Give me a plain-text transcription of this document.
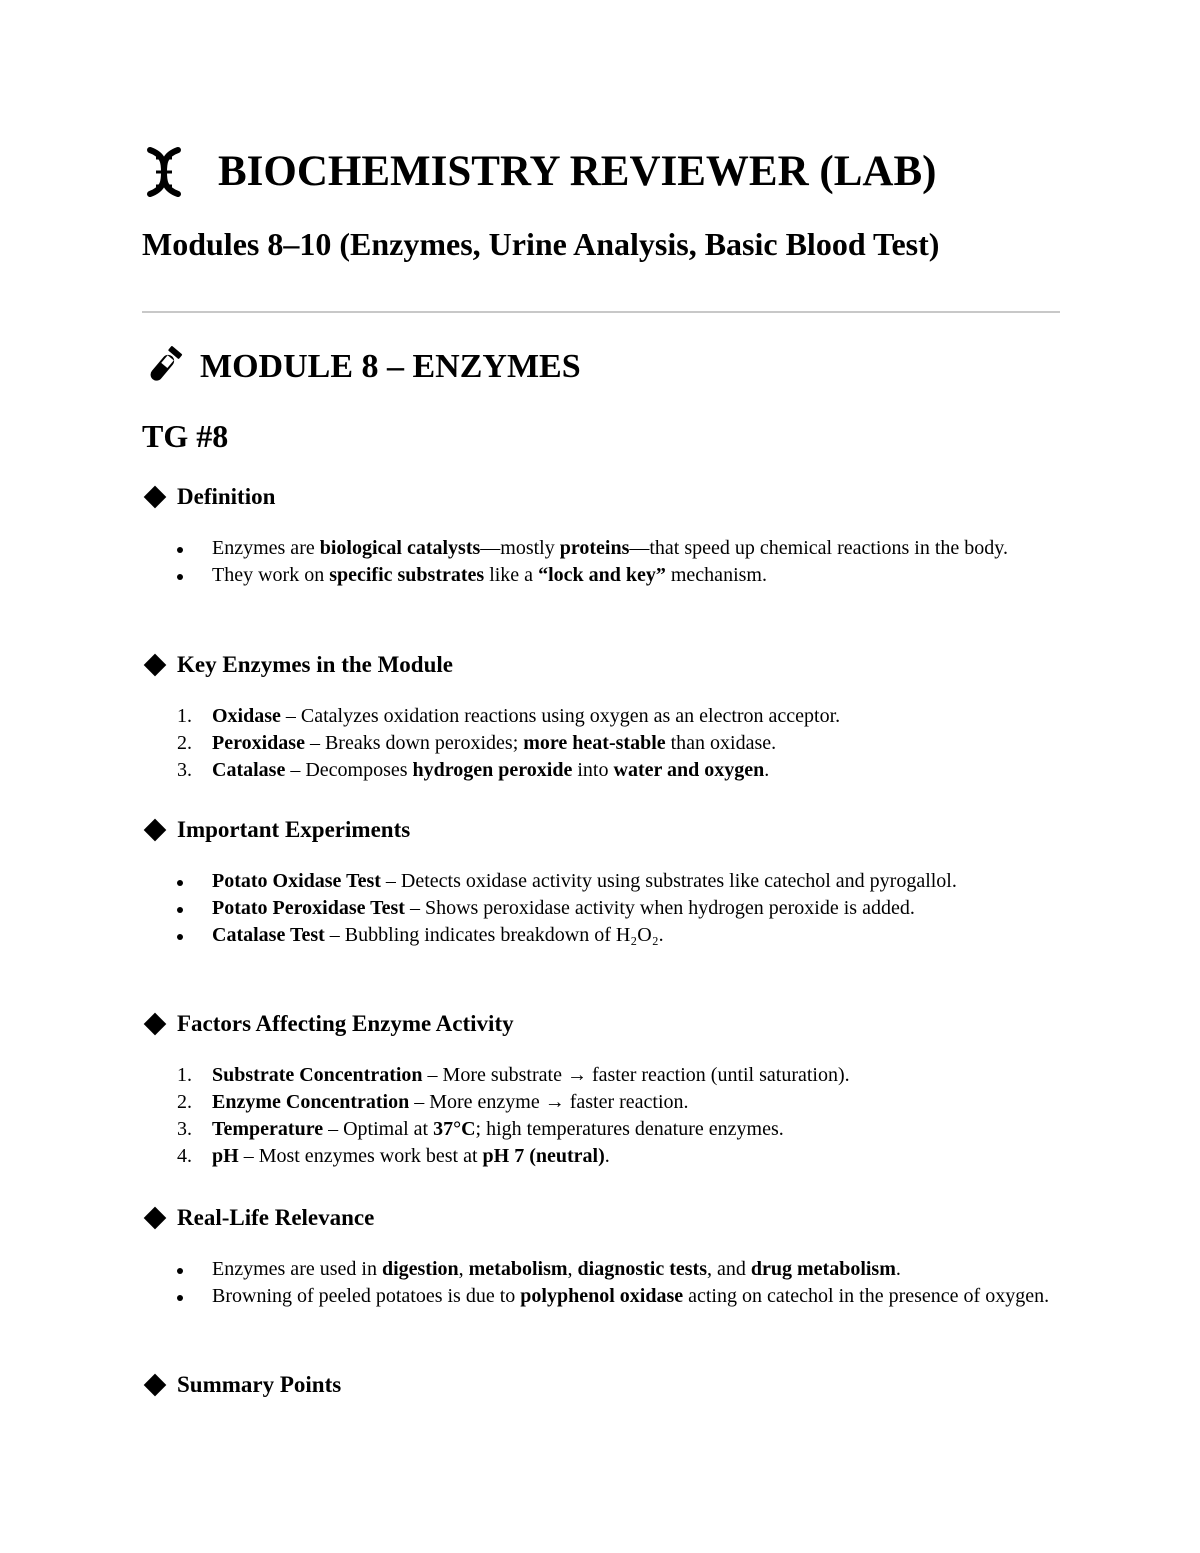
BIOCHEMISTRY REVIEWER (LAB)
Modules 8–10 (Enzymes, Urine Analysis, Basic Blood Test)
MODULE 8 – ENZYMES
TG #8
Definition
Enzymes are biological catalysts—mostly proteins—that speed up chemical reactions in the body.
They work on specific substrates like a “lock and key” mechanism.
Key Enzymes in the Module
1. Oxidase – Catalyzes oxidation reactions using oxygen as an electron acceptor.
2. Peroxidase – Breaks down peroxides; more heat-stable than oxidase.
3. Catalase – Decomposes hydrogen peroxide into water and oxygen.
Important Experiments
Potato Oxidase Test – Detects oxidase activity using substrates like catechol and pyrogallol.
Potato Peroxidase Test – Shows peroxidase activity when hydrogen peroxide is added.
Catalase Test – Bubbling indicates breakdown of H₂O₂.
Factors Affecting Enzyme Activity
1. Substrate Concentration – More substrate → faster reaction (until saturation).
2. Enzyme Concentration – More enzyme → faster reaction.
3. Temperature – Optimal at 37°C; high temperatures denature enzymes.
4. pH – Most enzymes work best at pH 7 (neutral).
Real-Life Relevance
Enzymes are used in digestion, metabolism, diagnostic tests, and drug metabolism.
Browning of peeled potatoes is due to polyphenol oxidase acting on catechol in the presence of oxygen.
Summary Points
